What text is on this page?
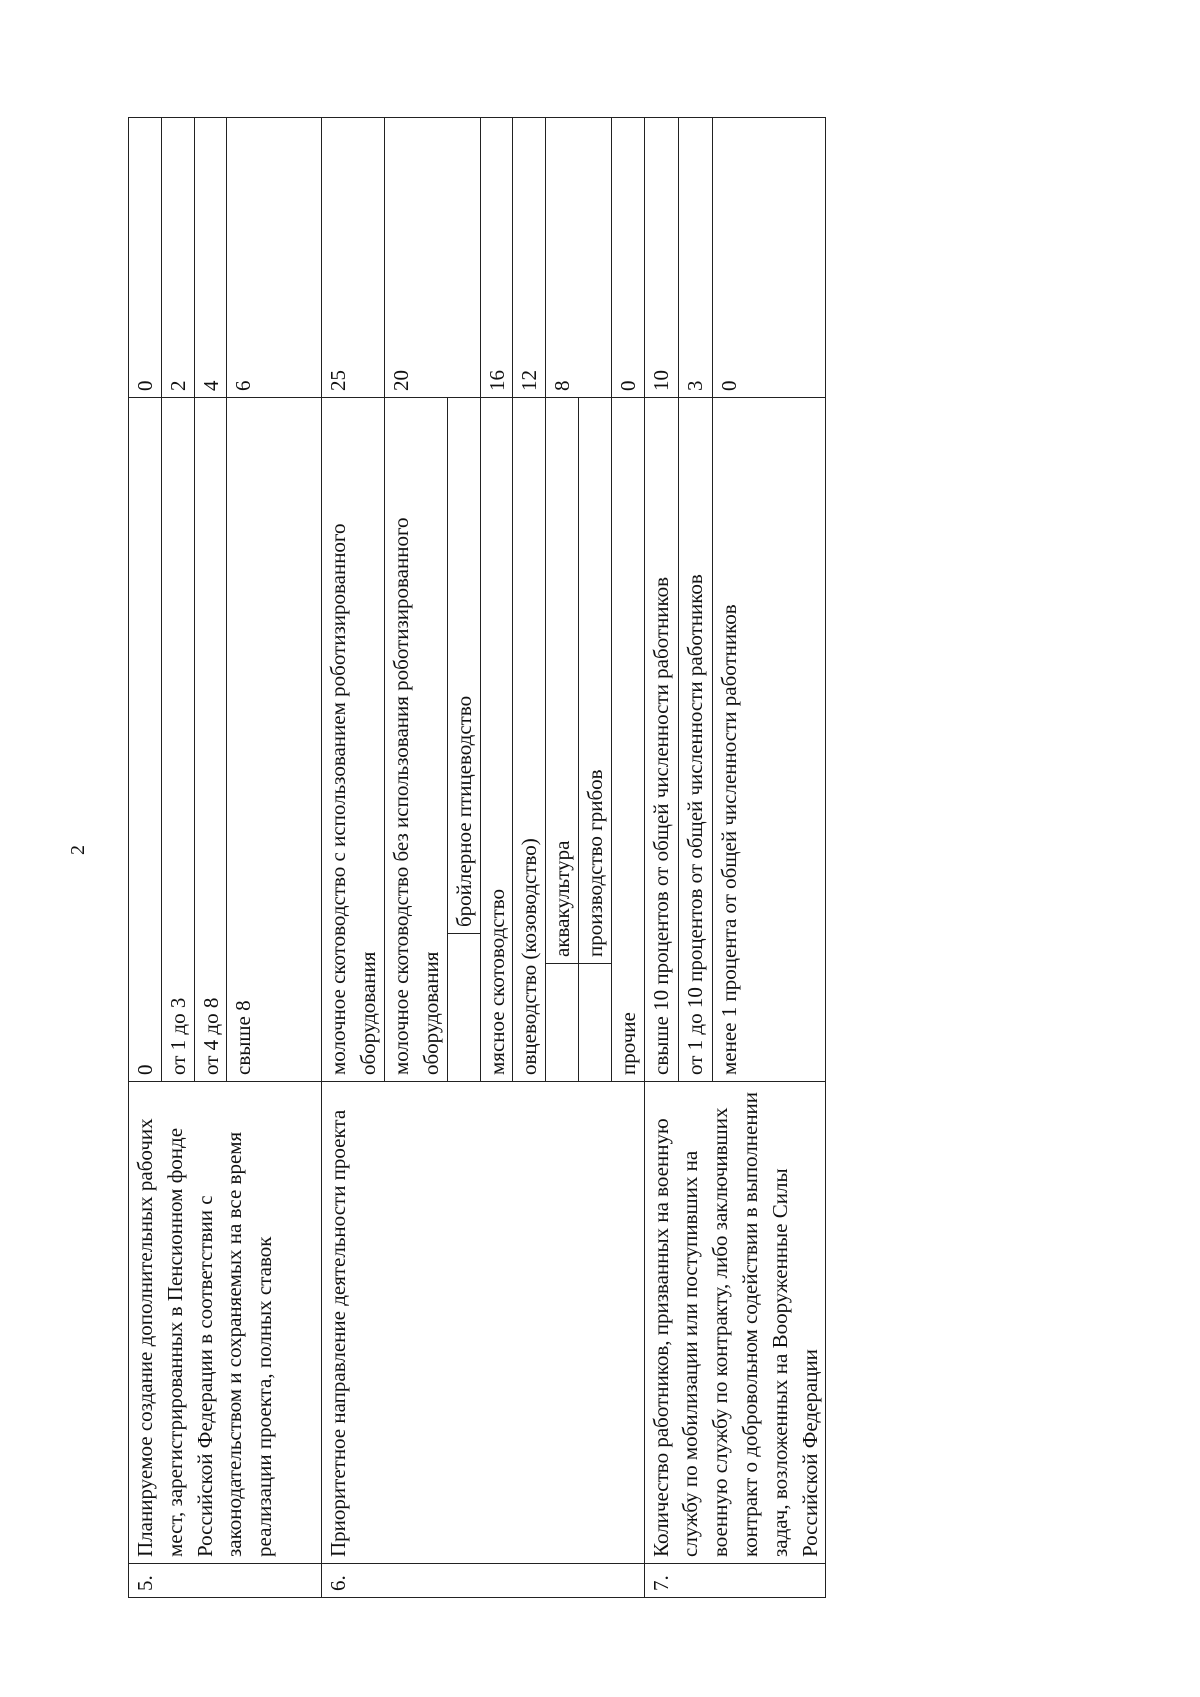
2
5.	Планируемое создание дополнительных рабочих мест, зарегистрированных в Пенсионном фонде Российской Федерации в соответствии с законодательством и сохраняемых на все время реализации проекта, полных ставок	0			0
		от 1 до 3			2
		от 4 до 8			4
		свыше 8			6
6.	Приоритетное направление деятельности проекта	молочное скотоводство с использованием роботизированного оборудования			25
		молочное скотоводство без использования роботизированного оборудования			20
				бройлерное птицеводство	
		мясное скотоводство			16
		овцеводство (козоводство)			12
			аквакультура		8
			производство грибов		
		прочие			0
7.	Количество работников, призванных на военную службу по мобилизации или поступивших на военную службу по контракту, либо заключивших контракт о добровольном содействии в выполнении задач, возложенных на Вооруженные Силы Российской Федерации	свыше 10 процентов от общей численности работников			10
		от 1 до 10 процентов от общей численности работников			3
		менее 1 процента от общей численности работников			0
